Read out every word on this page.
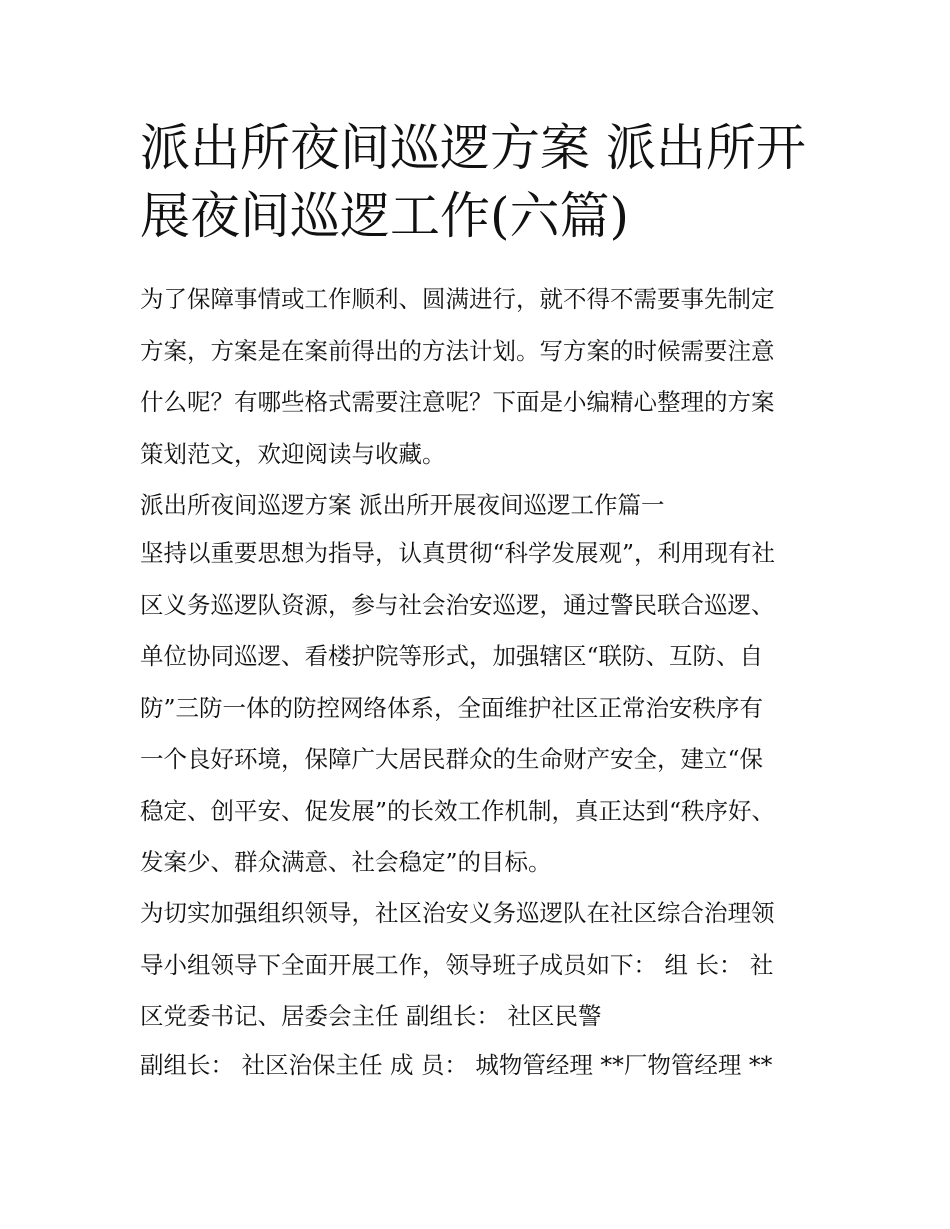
派出所夜间巡逻方案 派出所开
展夜间巡逻工作(六篇)

为了保障事情或工作顺利、圆满进行，就不得不需要事先制定
方案，方案是在案前得出的方法计划。写方案的时候需要注意
什么呢？有哪些格式需要注意呢？下面是小编精心整理的方案
策划范文，欢迎阅读与收藏。

派出所夜间巡逻方案 派出所开展夜间巡逻工作篇一

坚持以重要思想为指导，认真贯彻“科学发展观”，利用现有社
区义务巡逻队资源，参与社会治安巡逻，通过警民联合巡逻、
单位协同巡逻、看楼护院等形式，加强辖区“联防、互防、自
防”三防一体的防控网络体系，全面维护社区正常治安秩序有
一个良好环境，保障广大居民群众的生命财产安全，建立“保
稳定、创平安、促发展”的长效工作机制，真正达到“秩序好、
发案少、群众满意、社会稳定”的目标。

为切实加强组织领导，社区治安义务巡逻队在社区综合治理领
导小组领导下全面开展工作，领导班子成员如下： 组 长： 社
区党委书记、居委会主任 副组长： 社区民警

副组长： 社区治保主任 成 员： 城物管经理 **厂物管经理 **
